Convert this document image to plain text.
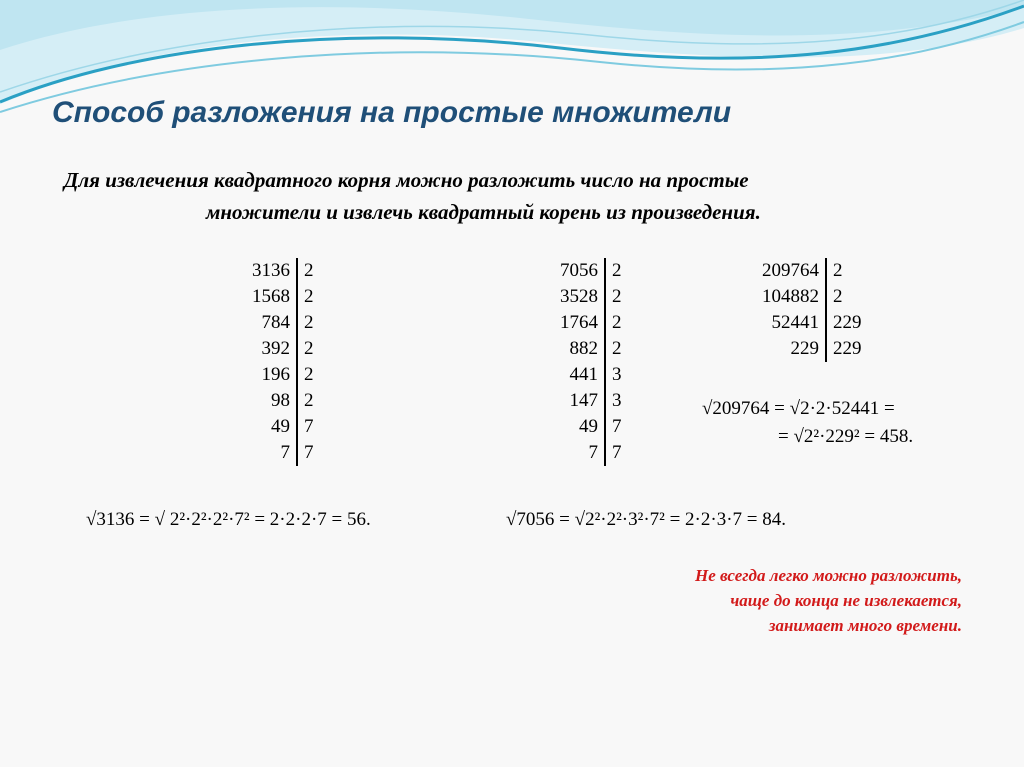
Способ разложения на простые множители
Для извлечения квадратного корня можно разложить число на простые
множители и извлечь квадратный корень из произведения.
3136	2
1568	2
784	2
392	2
196	2
98	2
49	7
7	7
7056	2
3528	2
1764	2
882	2
441	3
147	3
49	7
7	7
209764	2
104882	2
52441	229
229	229
√3136 = √ 2²·2²·2²·7² = 2·2·2·7 = 56.	√7056 = √2²·2²·3²·7² = 2·2·3·7 = 84.
√209764 = √2·2·52441 =
= √2²·229² = 458.
Не всегда легко можно разложить,
чаще до конца не извлекается,
занимает много времени.
